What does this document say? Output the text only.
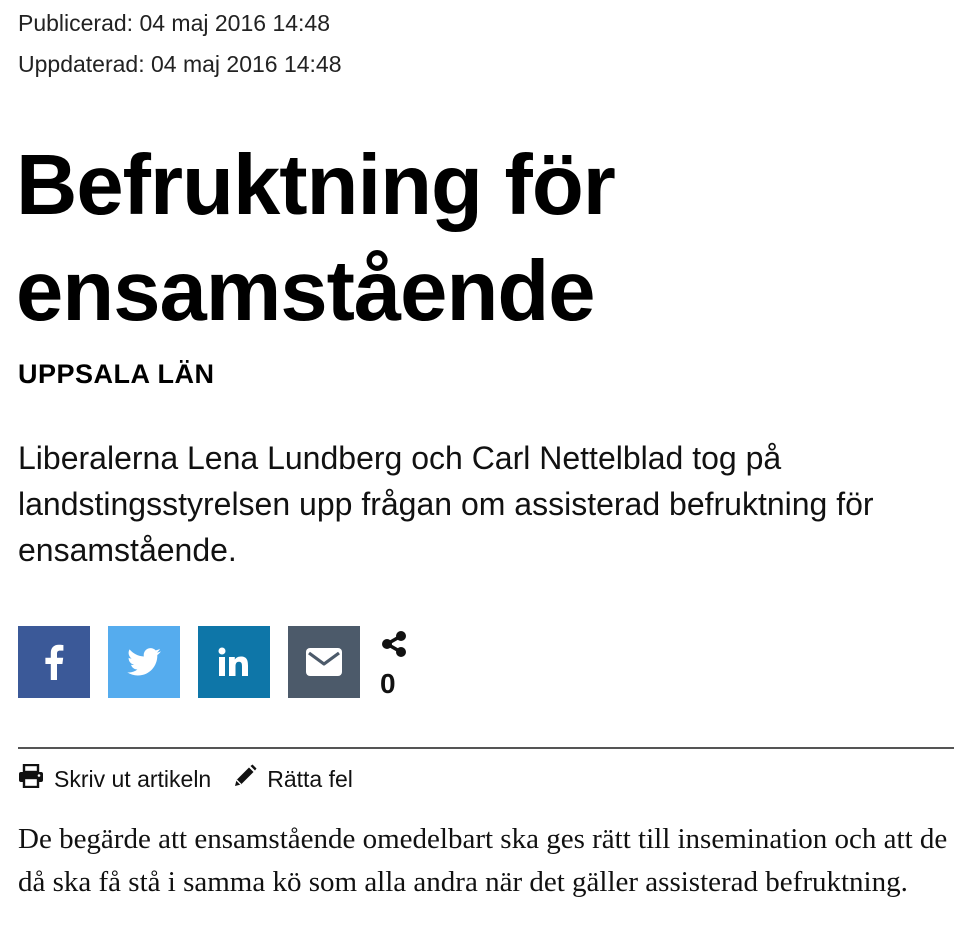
Publicerad: 04 maj 2016 14:48
Uppdaterad: 04 maj 2016 14:48
Befruktning för ensamstående
UPPSALA LÄN

Liberalerna Lena Lundberg och Carl Nettelblad tog på landstingsstyrelsen upp frågan om assisterad befruktning för ensamstående.

0
Skriv ut artikeln Rätta fel

De begärde att ensamstående omedelbart ska ges rätt till insemination och att de då ska få stå i samma kö som alla andra när det gäller assisterad befruktning.
